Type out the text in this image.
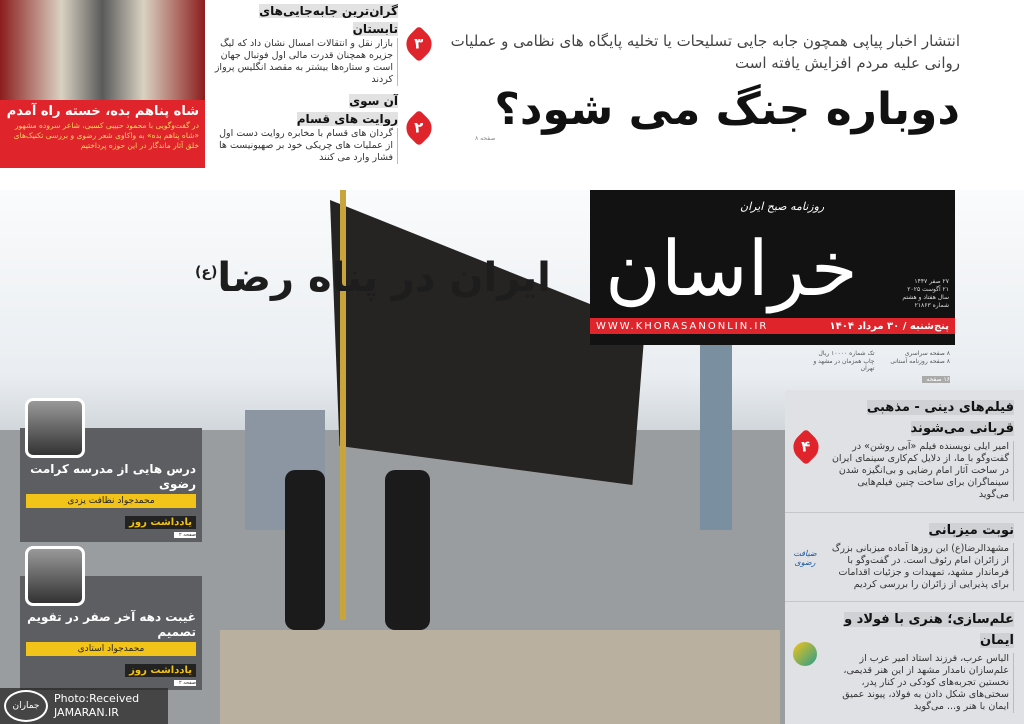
شاه پناهم بده، خسته راه آمدم
در گفت‌وگویی با محمود حبیبی کسبی، شاعر سروده مشهور «شاه پناهم بده» به واکاوی شعر رضوی و بررسی تکنیک‌های خلق آثار ماندگار در این حوزه پرداختیم
۳
گران‌ترین جابه‌جایی‌های
تابستان
بازار نقل و انتقالات امسال نشان داد که لیگ جزیره همچنان قدرت مالی اول فوتبال جهان است و ستاره‌ها بیشتر به مقصد انگلیس پرواز کردند
۲
آن سوی
روایت های قسام
گردان های قسام با مخابره روایت دست اول از عملیات های چریکی خود بر صهیونیست ها فشار وارد می کنند
انتشار اخبار پیاپی همچون جابه جایی تسلیحات یا تخلیه پایگاه های نظامی و عملیات روانی علیه مردم افزایش یافته است
دوباره جنگ می شود؟
صفحه ۸
ایران در پناه رضا$^{(ع)}$
روزنامه صبح ایران
خراسان	۲۷ صفر ۱۴۴۷
۲۱ آگوست ۲۰۲۵
سال هفتاد و هشتم
شماره ۲۱۸۶۳
پنج‌شنبه / ۳۰ مرداد ۱۴۰۴
WWW.KHORASANONLIN.IR
۸ صفحه سراسری
تک شماره ۱۰۰۰۰ ریال
۸ صفحه روزنامه آستانی
چاپ همزمان در مشهد و تهران
۱۶ صفحه
۴
فیلم‌های دینی - مذهبی قربانی می‌شوند
امیر ایلی نویسنده فیلم «آبی روشن» در گفت‌وگو با ما، از دلایل کم‌کاری سینمای ایران در ساخت آثار امام رضایی و بی‌انگیزه شدن سینماگران برای ساخت چنین فیلم‌هایی می‌گوید
ضیافت رضوی
نوبت میزبانی
مشهدالرضا(ع) این روزها آماده میزبانی بزرگ از زائران امام رئوف است. در گفت‌وگو با فرماندار مشهد، تمهیدات و جزئیات اقدامات برای پذیرایی از زائران را بررسی کردیم
علم‌سازی؛ هنری با فولاد و ایمان
الیاس عرب، فرزند استاد امیر عرب از علم‌سازان نامدار مشهد از این هنر قدیمی، نخستین تجربه‌های کودکی در کنار پدر، سختی‌های شکل دادن به فولاد، پیوند عمیق ایمان با هنر و... می‌گوید
درس هایی از مدرسه کرامت رضوی
محمدجواد نظافت یزدی
یادداشت روز
صفحه ۲
غیبت دهه آخر صفر در تقویم تصمیم
محمدجواد استادی
یادداشت روز
صفحه ۲
جماران
Photo:Received
JAMARAN.IR
